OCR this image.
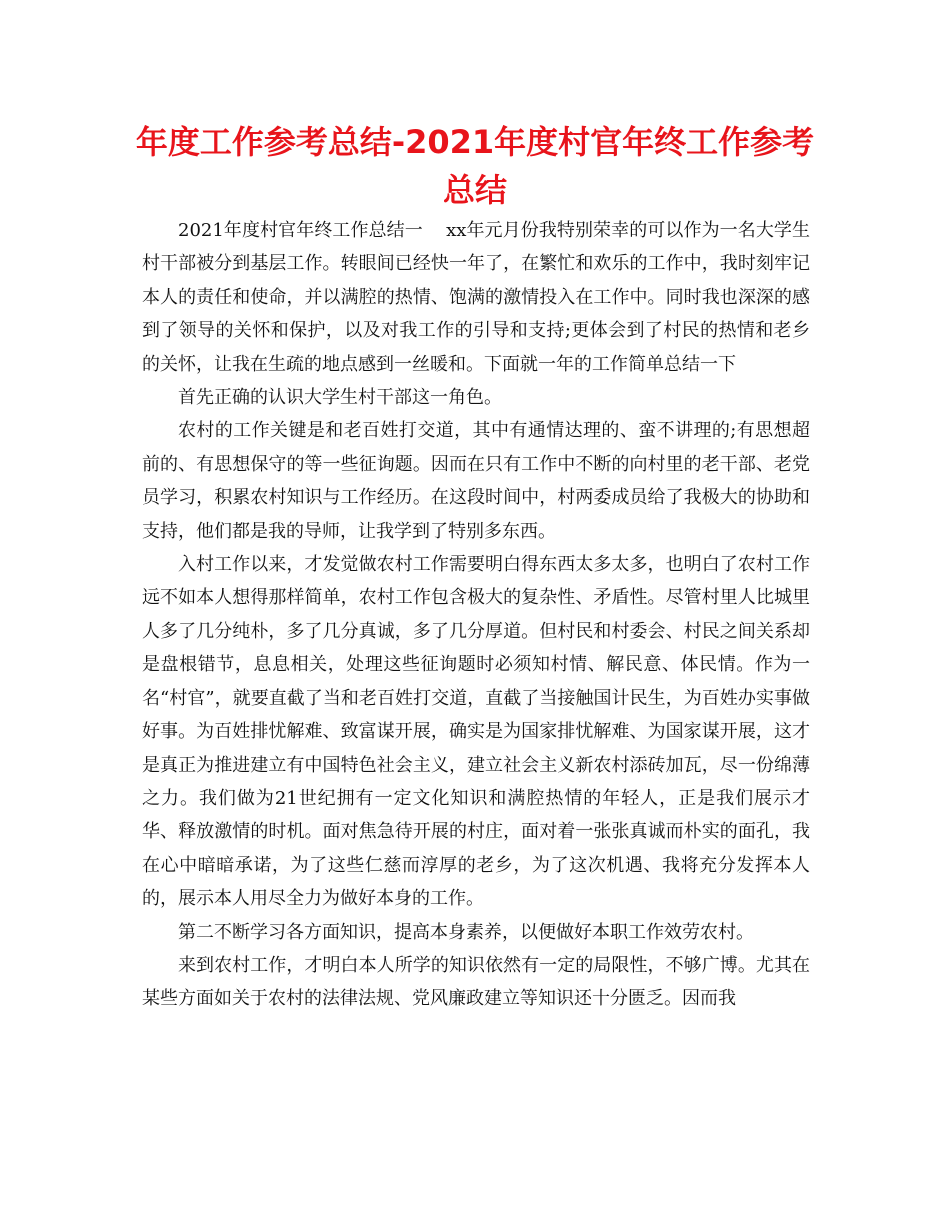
年度工作参考总结-2021年度村官年终工作参考总结

2021年度村官年终工作总结一    xx年元月份我特别荣幸的可以作为一名大学生村干部被分到基层工作。转眼间已经快一年了，在繁忙和欢乐的工作中，我时刻牢记本人的责任和使命，并以满腔的热情、饱满的激情投入在工作中。同时我也深深的感到了领导的关怀和保护，以及对我工作的引导和支持;更体会到了村民的热情和老乡的关怀，让我在生疏的地点感到一丝暖和。下面就一年的工作简单总结一下

首先正确的认识大学生村干部这一角色。

农村的工作关键是和老百姓打交道，其中有通情达理的、蛮不讲理的;有思想超前的、有思想保守的等一些征询题。因而在只有工作中不断的向村里的老干部、老党员学习，积累农村知识与工作经历。在这段时间中，村两委成员给了我极大的协助和支持，他们都是我的导师，让我学到了特别多东西。

入村工作以来，才发觉做农村工作需要明白得东西太多太多，也明白了农村工作远不如本人想得那样简单，农村工作包含极大的复杂性、矛盾性。尽管村里人比城里人多了几分纯朴，多了几分真诚，多了几分厚道。但村民和村委会、村民之间关系却是盘根错节，息息相关，处理这些征询题时必须知村情、解民意、体民情。作为一名“村官”，就要直截了当和老百姓打交道，直截了当接触国计民生，为百姓办实事做好事。为百姓排忧解难、致富谋开展，确实是为国家排忧解难、为国家谋开展，这才是真正为推进建立有中国特色社会主义，建立社会主义新农村添砖加瓦，尽一份绵薄之力。我们做为21世纪拥有一定文化知识和满腔热情的年轻人，正是我们展示才华、释放激情的时机。面对焦急待开展的村庄，面对着一张张真诚而朴实的面孔，我在心中暗暗承诺，为了这些仁慈而淳厚的老乡，为了这次机遇、我将充分发挥本人的，展示本人用尽全力为做好本身的工作。

第二不断学习各方面知识，提高本身素养，以便做好本职工作效劳农村。

来到农村工作，才明白本人所学的知识依然有一定的局限性，不够广博。尤其在某些方面如关于农村的法律法规、党风廉政建立等知识还十分匮乏。因而我
